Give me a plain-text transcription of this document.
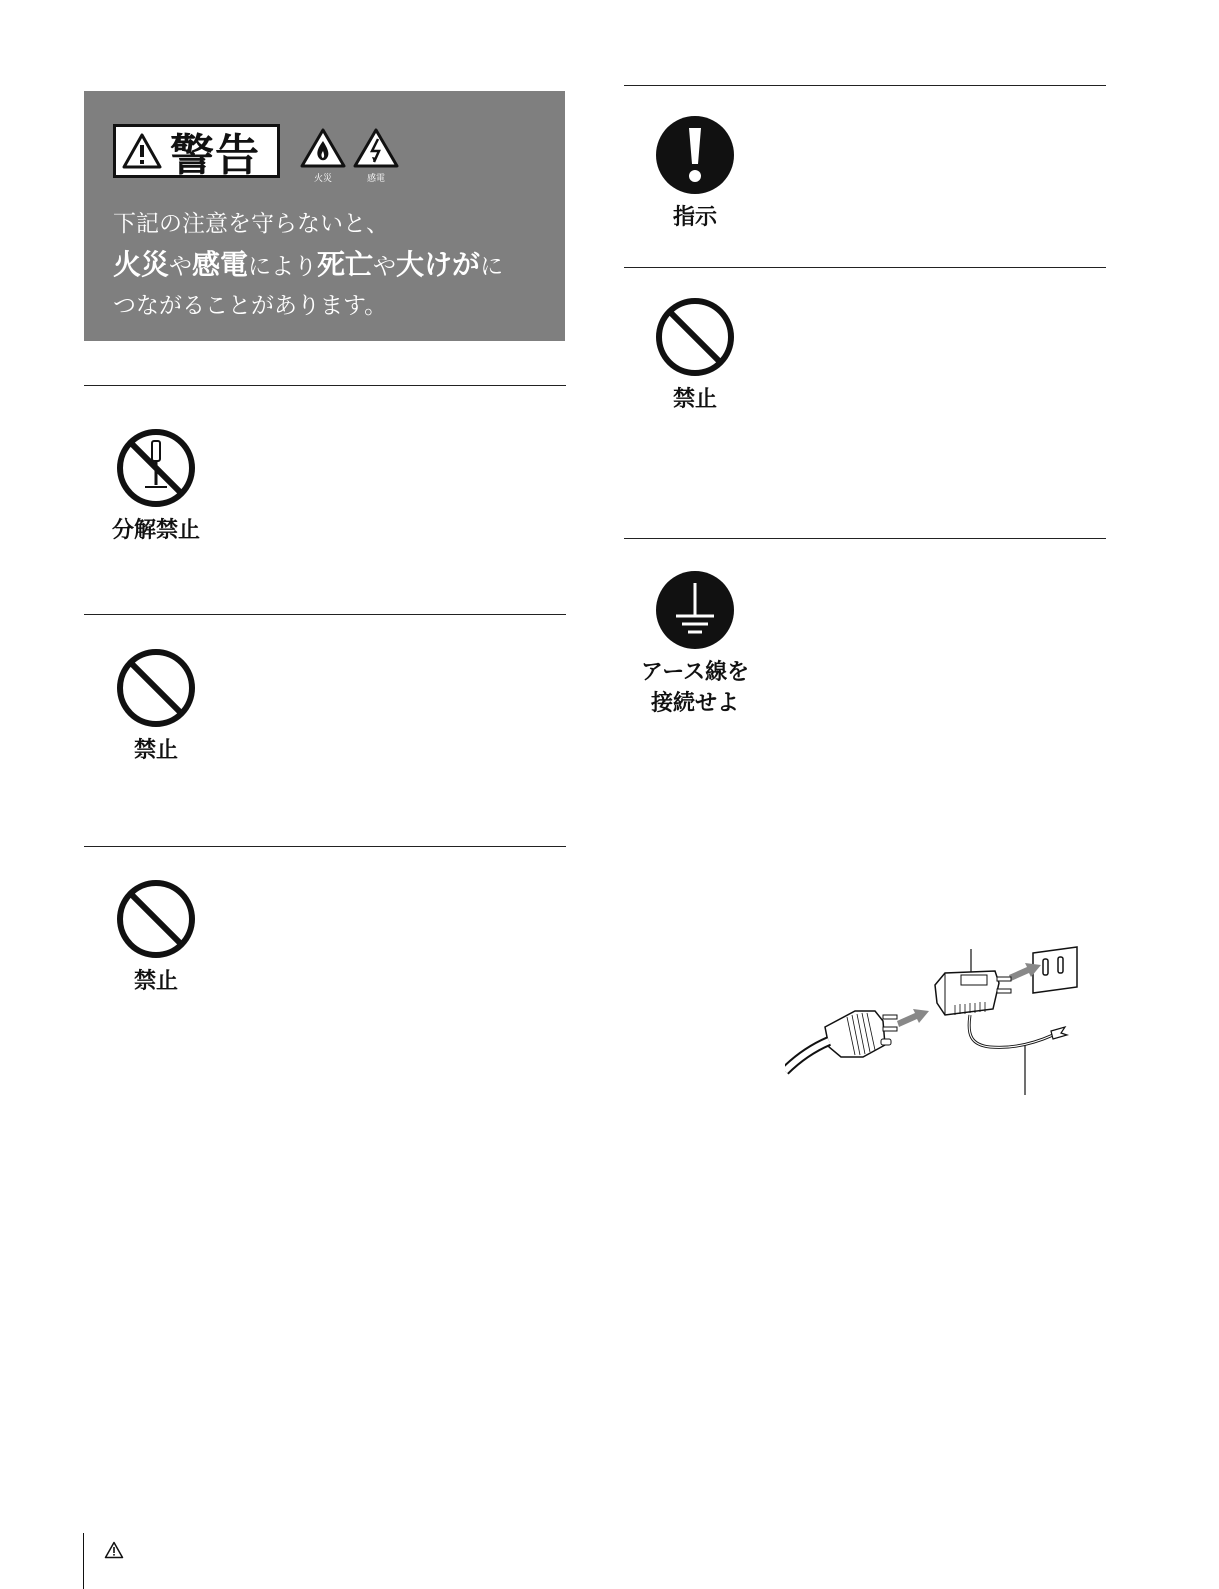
警告	火災	感電
下記の注意を守らないと、
火災や感電により死亡や大けがに
つながることがあります。
分解禁止
禁止
禁止
指示
禁止
アース線を
接続せよ
